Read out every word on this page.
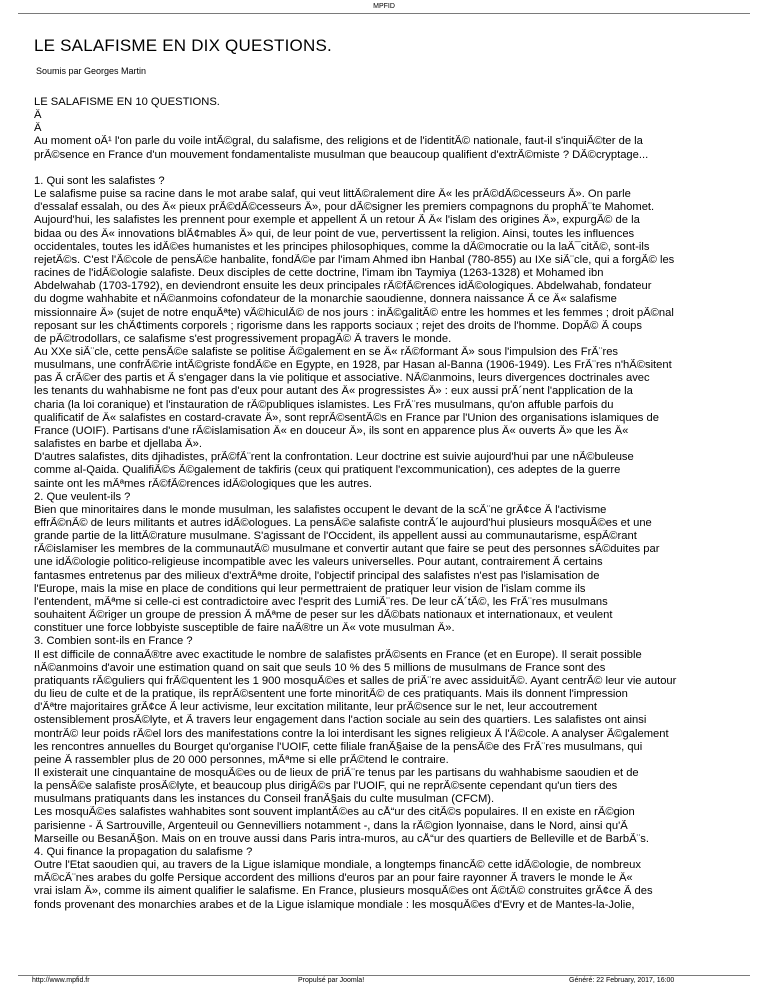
MPFID
LE SALAFISME EN DIX QUESTIONS.
Soumis par Georges Martin

LE SALAFISME EN 10 QUESTIONS.

Â

Â

Au moment oÃ¹ l'on parle du voile intÃ©gral, du salafisme, des religions et de l'identitÃ© nationale, faut-il s'inquiÃ©ter de la

prÃ©sence en France d'un mouvement fondamentaliste musulman que beaucoup qualifient d'extrÃ©miste ? DÃ©cryptage...

1. Qui sont les salafistes ?

Le salafisme puise sa racine dans le mot arabe salaf, qui veut littÃ©ralement dire Â« les prÃ©dÃ©cesseurs Â». On parle

d'essalaf essalah, ou des Â« pieux prÃ©dÃ©cesseurs Â», pour dÃ©signer les premiers compagnons du prophÃ¨te Mahomet.

Aujourd'hui, les salafistes les prennent pour exemple et appellent Ã un retour Ã Â« l'islam des origines Â», expurgÃ© de la

bidaa ou des Â« innovations blÃ¢mables Â» qui, de leur point de vue, pervertissent la religion. Ainsi, toutes les influences

occidentales, toutes les idÃ©es humanistes et les principes philosophiques, comme la dÃ©mocratie ou la laÃ¯citÃ©, sont-ils

rejetÃ©s. C'est l'Ã©cole de pensÃ©e hanbalite, fondÃ©e par l'imam Ahmed ibn Hanbal (780-855) au IXe siÃ¨cle, qui a forgÃ© les

racines de l'idÃ©ologie salafiste. Deux disciples de cette doctrine, l'imam ibn Taymiya (1263-1328) et Mohamed ibn

Abdelwahab (1703-1792), en deviendront ensuite les deux principales rÃ©fÃ©rences idÃ©ologiques. Abdelwahab, fondateur

du dogme wahhabite et nÃ©anmoins cofondateur de la monarchie saoudienne, donnera naissance Ã ce Â« salafisme

missionnaire Â» (sujet de notre enquÃªte) vÃ©hiculÃ© de nos jours : inÃ©galitÃ© entre les hommes et les femmes ; droit pÃ©nal

reposant sur les chÃ¢timents corporels ; rigorisme dans les rapports sociaux ; rejet des droits de l'homme. DopÃ© Ã coups

de pÃ©trodollars, ce salafisme s'est progressivement propagÃ© Ã travers le monde.

Au XXe siÃ¨cle, cette pensÃ©e salafiste se politise Ã©galement en se Â« rÃ©formant Â» sous l'impulsion des FrÃ¨res

musulmans, une confrÃ©rie intÃ©griste fondÃ©e en Egypte, en 1928, par Hasan al-Banna (1906-1949). Les FrÃ¨res n'hÃ©sitent

pas Ã crÃ©er des partis et Ã s'engager dans la vie politique et associative. NÃ©anmoins, leurs divergences doctrinales avec

les tenants du wahhabisme ne font pas d'eux pour autant des Â« progressistes Â» : eux aussi prÃ´nent l'application de la

charia (la loi coranique) et l'instauration de rÃ©publiques islamistes. Les FrÃ¨res musulmans, qu'on affuble parfois du

qualificatif de Â« salafistes en costard-cravate Â», sont reprÃ©sentÃ©s en France par l'Union des organisations islamiques de

France (UOIF). Partisans d'une rÃ©islamisation Â« en douceur Â», ils sont en apparence plus Â« ouverts Â» que les Â«

salafistes en barbe et djellaba Â».

D'autres salafistes, dits djihadistes, prÃ©fÃ¨rent la confrontation. Leur doctrine est suivie aujourd'hui par une nÃ©buleuse

comme al-Qaida. QualifiÃ©s Ã©galement de takfiris (ceux qui pratiquent l'excommunication), ces adeptes de la guerre

sainte ont les mÃªmes rÃ©fÃ©rences idÃ©ologiques que les autres.

2. Que veulent-ils ?

Bien que minoritaires dans le monde musulman, les salafistes occupent le devant de la scÃ¨ne grÃ¢ce Ã l'activisme

effrÃ©nÃ© de leurs militants et autres idÃ©ologues. La pensÃ©e salafiste contrÃ´le aujourd'hui plusieurs mosquÃ©es et une

grande partie de la littÃ©rature musulmane. S'agissant de l'Occident, ils appellent aussi au communautarisme, espÃ©rant

rÃ©islamiser les membres de la communautÃ© musulmane et convertir autant que faire se peut des personnes sÃ©duites par

une idÃ©ologie politico-religieuse incompatible avec les valeurs universelles. Pour autant, contrairement Ã certains

fantasmes entretenus par des milieux d'extrÃªme droite, l'objectif principal des salafistes n'est pas l'islamisation de

l'Europe, mais la mise en place de conditions qui leur permettraient de pratiquer leur vision de l'islam comme ils

l'entendent, mÃªme si celle-ci est contradictoire avec l'esprit des LumiÃ¨res. De leur cÃ´tÃ©, les FrÃ¨res musulmans

souhaitent Ã©riger un groupe de pression Ã mÃªme de peser sur les dÃ©bats nationaux et internationaux, et veulent

constituer une force lobbyiste susceptible de faire naÃ®tre un Â« vote musulman Â».

3. Combien sont-ils en France ?

Il est difficile de connaÃ®tre avec exactitude le nombre de salafistes prÃ©sents en France (et en Europe). Il serait possible

nÃ©anmoins d'avoir une estimation quand on sait que seuls 10 % des 5 millions de musulmans de France sont des

pratiquants rÃ©guliers qui frÃ©quentent les 1 900 mosquÃ©es et salles de priÃ¨re avec assiduitÃ©. Ayant centrÃ© leur vie autour

du lieu de culte et de la pratique, ils reprÃ©sentent une forte minoritÃ© de ces pratiquants. Mais ils donnent l'impression

d'Ãªtre majoritaires grÃ¢ce Ã leur activisme, leur excitation militante, leur prÃ©sence sur le net, leur accoutrement

ostensiblement prosÃ©lyte, et Ã travers leur engagement dans l'action sociale au sein des quartiers. Les salafistes ont ainsi

montrÃ© leur poids rÃ©el lors des manifestations contre la loi interdisant les signes religieux Ã l'Ã©cole. A analyser Ã©galement

les rencontres annuelles du Bourget qu'organise l'UOIF, cette filiale franÃ§aise de la pensÃ©e des FrÃ¨res musulmans, qui

peine Ã rassembler plus de 20 000 personnes, mÃªme si elle prÃ©tend le contraire.

Il existerait une cinquantaine de mosquÃ©es ou de lieux de priÃ¨re tenus par les partisans du wahhabisme saoudien et de

la pensÃ©e salafiste prosÃ©lyte, et beaucoup plus dirigÃ©s par l'UOIF, qui ne reprÃ©sente cependant qu'un tiers des

musulmans pratiquants dans les instances du Conseil franÃ§ais du culte musulman (CFCM).

Les mosquÃ©es salafistes wahhabites sont souvent implantÃ©es au cÅ“ur des citÃ©s populaires. Il en existe en rÃ©gion

parisienne - Ã Sartrouville, Argenteuil ou Gennevilliers notamment -, dans la rÃ©gion lyonnaise, dans le Nord, ainsi qu'Ã

Marseille ou BesanÃ§on. Mais on en trouve aussi dans Paris intra-muros, au cÅ“ur des quartiers de Belleville et de BarbÃ¨s.

4. Qui finance la propagation du salafisme ?

Outre l'Etat saoudien qui, au travers de la Ligue islamique mondiale, a longtemps financÃ© cette idÃ©ologie, de nombreux

mÃ©cÃ¨nes arabes du golfe Persique accordent des millions d'euros par an pour faire rayonner Ã travers le monde le Â«

vrai islam Â», comme ils aiment qualifier le salafisme. En France, plusieurs mosquÃ©es ont Ã©tÃ© construites grÃ¢ce Ã des

fonds provenant des monarchies arabes et de la Ligue islamique mondiale : les mosquÃ©es d'Evry et de Mantes-la-Jolie,

http://www.mpfid.fr	Propulsé par Joomla!	Généré: 22 February, 2017, 16:00
